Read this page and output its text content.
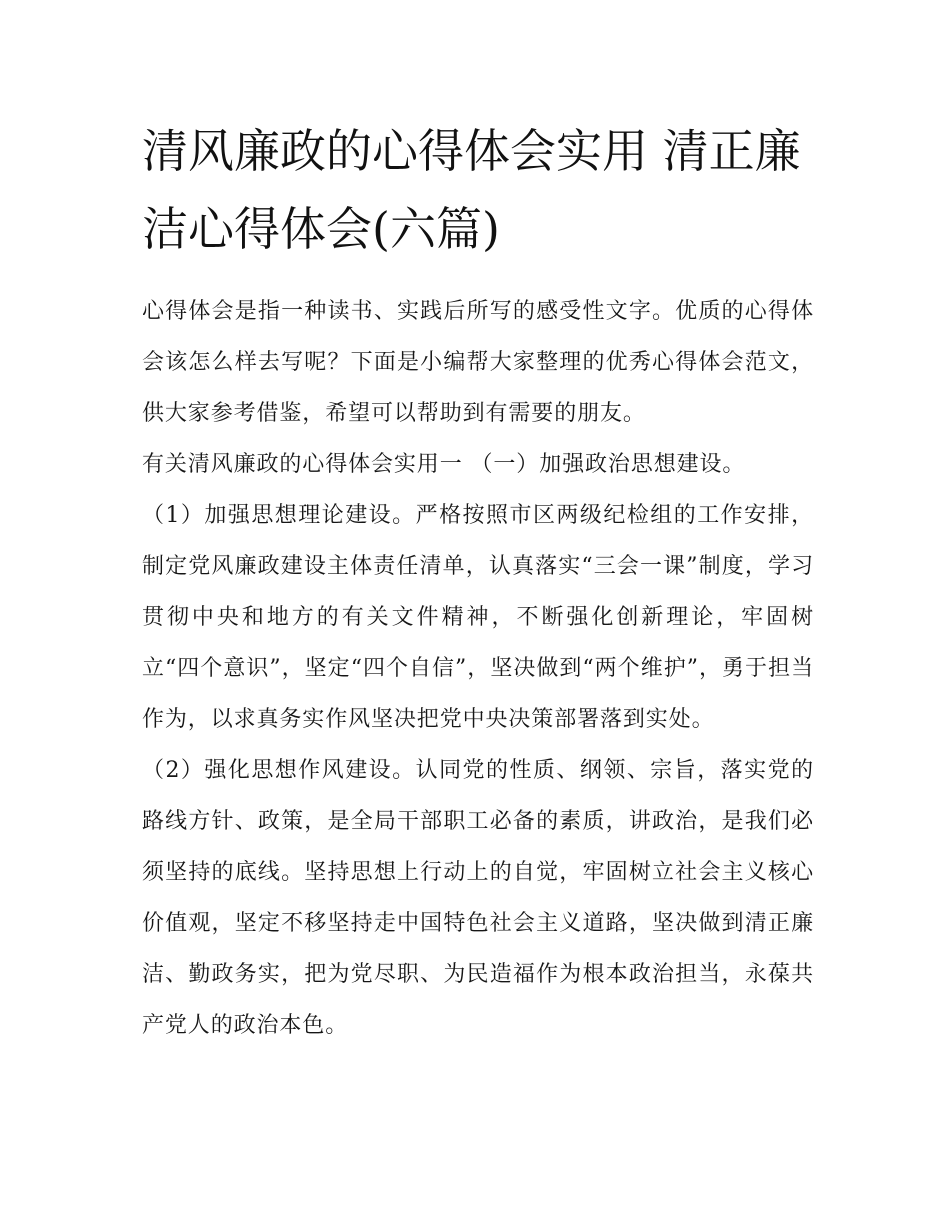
清风廉政的心得体会实用 清正廉洁心得体会(六篇)

心得体会是指一种读书、实践后所写的感受性文字。优质的心得体会该怎么样去写呢？下面是小编帮大家整理的优秀心得体会范文，供大家参考借鉴，希望可以帮助到有需要的朋友。

有关清风廉政的心得体会实用一 （一）加强政治思想建设。

（1）加强思想理论建设。严格按照市区两级纪检组的工作安排，制定党风廉政建设主体责任清单，认真落实“三会一课”制度，学习贯彻中央和地方的有关文件精神，不断强化创新理论，牢固树立“四个意识”，坚定“四个自信”，坚决做到“两个维护”，勇于担当作为，以求真务实作风坚决把党中央决策部署落到实处。

（2）强化思想作风建设。认同党的性质、纲领、宗旨，落实党的路线方针、政策，是全局干部职工必备的素质，讲政治，是我们必须坚持的底线。坚持思想上行动上的自觉，牢固树立社会主义核心价值观，坚定不移坚持走中国特色社会主义道路，坚决做到清正廉洁、勤政务实，把为党尽职、为民造福作为根本政治担当，永葆共产党人的政治本色。
